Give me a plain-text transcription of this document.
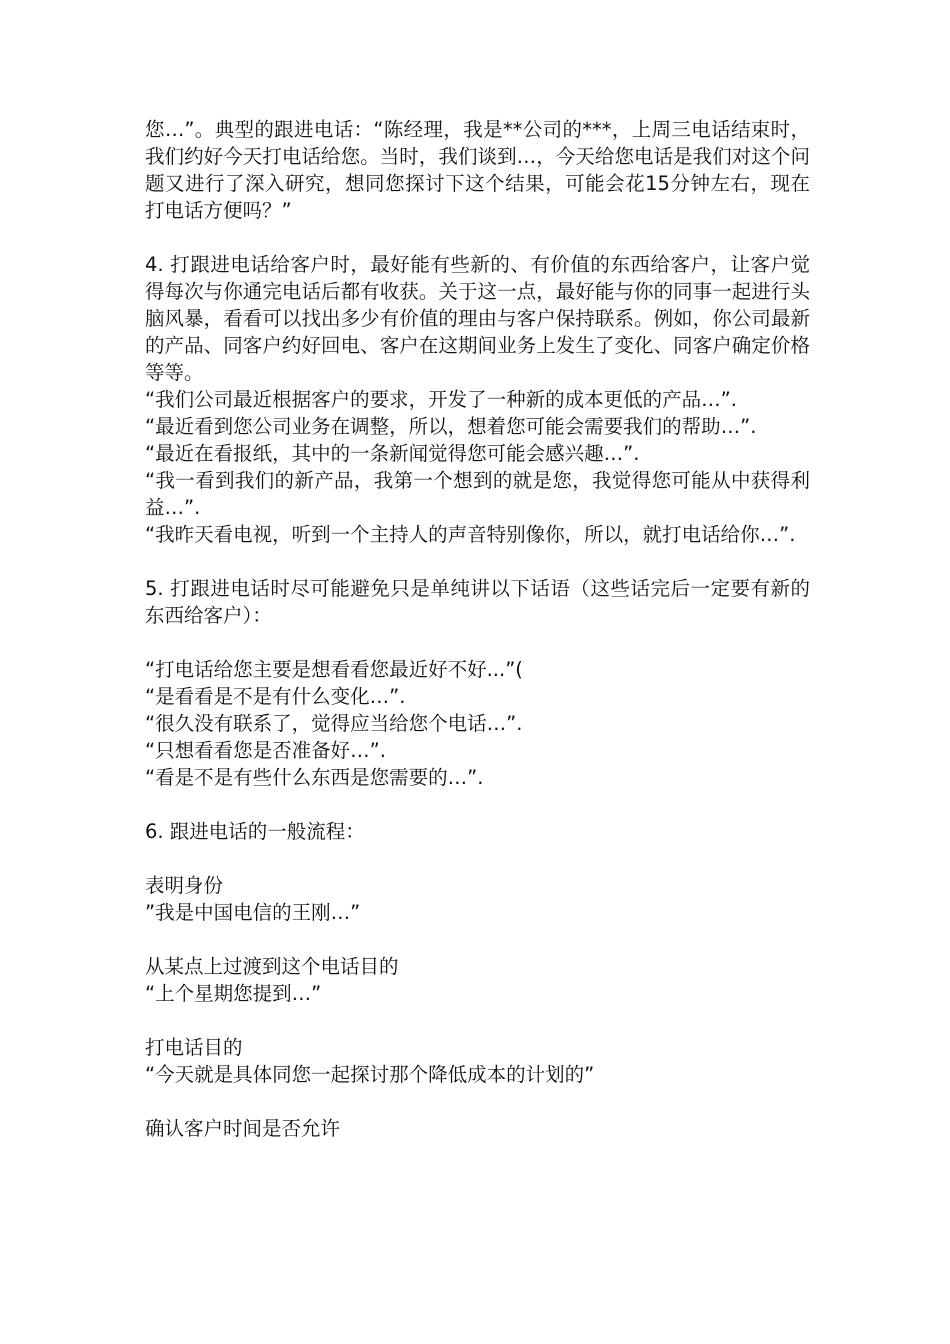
您…”。典型的跟进电话：“陈经理，我是**公司的***，上周三电话结束时，我们约好今天打电话给您。当时，我们谈到…，今天给您电话是我们对这个问题又进行了深入研究，想同您探讨下这个结果，可能会花15分钟左右，现在打电话方便吗？”

4. 打跟进电话给客户时，最好能有些新的、有价值的东西给客户，让客户觉得每次与你通完电话后都有收获。关于这一点，最好能与你的同事一起进行头脑风暴，看看可以找出多少有价值的理由与客户保持联系。例如，你公司最新的产品、同客户约好回电、客户在这期间业务上发生了变化、同客户确定价格等等。

“我们公司最近根据客户的要求，开发了一种新的成本更低的产品…”.

“最近看到您公司业务在调整，所以，想着您可能会需要我们的帮助…”.

“最近在看报纸，其中的一条新闻觉得您可能会感兴趣…”.

“我一看到我们的新产品，我第一个想到的就是您，我觉得您可能从中获得利益…”.

“我昨天看电视，听到一个主持人的声音特别像你，所以，就打电话给你…”.

5. 打跟进电话时尽可能避免只是单纯讲以下话语（这些话完后一定要有新的东西给客户）：

“打电话给您主要是想看看您最近好不好...”(

“是看看是不是有什么变化…”.

“很久没有联系了，觉得应当给您个电话…”.

“只想看看您是否准备好…”.

“看是不是有些什么东西是您需要的…”.

6. 跟进电话的一般流程：

表明身份

”我是中国电信的王刚…”

从某点上过渡到这个电话目的

“上个星期您提到…”

打电话目的

“今天就是具体同您一起探讨那个降低成本的计划的”

确认客户时间是否允许
